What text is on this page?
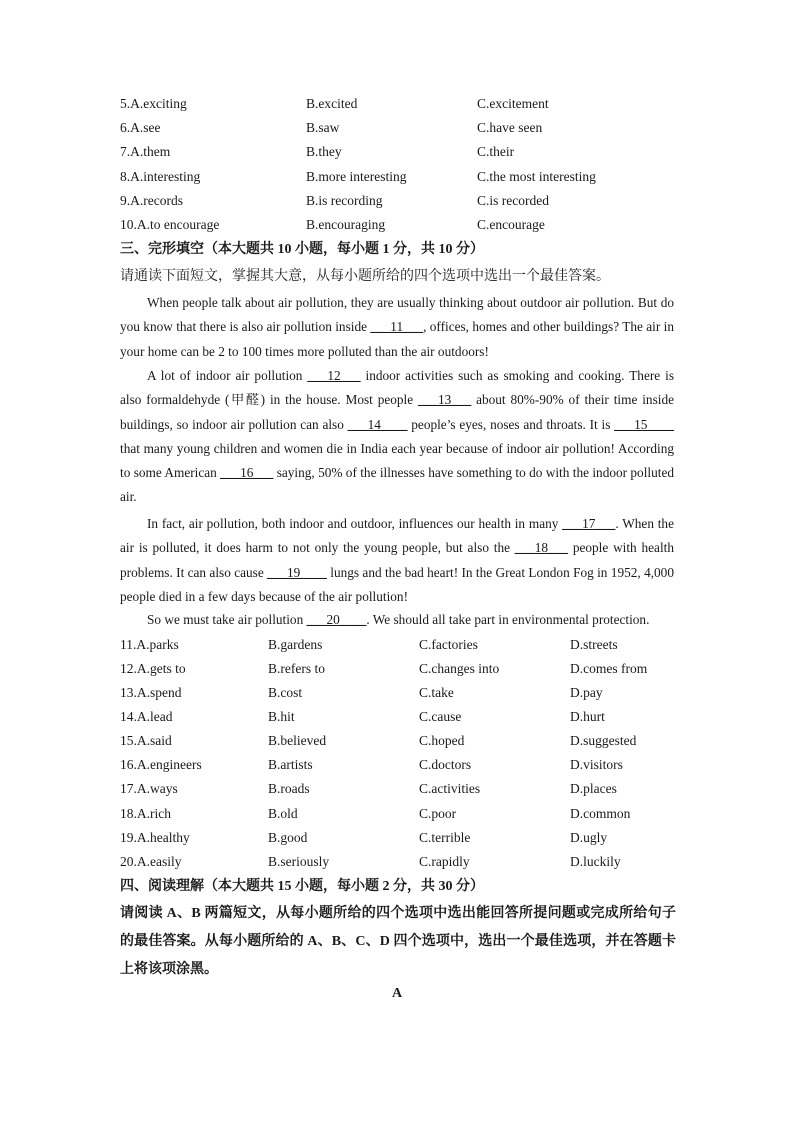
5.A.exciting	B.excited	C.excitement
6.A.see	B.saw	C.have seen
7.A.them	B.they	C.their
8.A.interesting	B.more interesting	C.the most interesting
9.A.records	B.is recording	C.is recorded
10.A.to encourage	B.encouraging	C.encourage
三、完形填空（本大题共 10 小题，每小题 1 分，共 10 分）
请通读下面短文，掌握其大意，从每小题所给的四个选项中选出一个最佳答案。
When people talk about air pollution, they are usually thinking about outdoor air pollution. But do you know that there is also air pollution inside ___11___, offices, homes and other buildings? The air in your home can be 2 to 100 times more polluted than the air outdoors!
A lot of indoor air pollution ___12___ indoor activities such as smoking and cooking. There is also formaldehyde (甲醛) in the house. Most people ___13___ about 80%-90% of their time inside buildings, so indoor air pollution can also ___14____ people’s eyes, noses and throats. It is ___15____ that many young children and women die in India each year because of indoor air pollution! According to some American ___16___ saying, 50% of the illnesses have something to do with the indoor polluted air.
In fact, air pollution, both indoor and outdoor, influences our health in many ___17___. When the air is polluted, it does harm to not only the young people, but also the ___18___ people with health problems. It can also cause ___19____ lungs and the bad heart! In the Great London Fog in 1952, 4,000 people died in a few days because of the air pollution!
So we must take air pollution ___20____. We should all take part in environmental protection.
11.A.parks	B.gardens	C.factories	D.streets
12.A.gets to	B.refers to	C.changes into	D.comes from
13.A.spend	B.cost	C.take	D.pay
14.A.lead	B.hit	C.cause	D.hurt
15.A.said	B.believed	C.hoped	D.suggested
16.A.engineers	B.artists	C.doctors	D.visitors
17.A.ways	B.roads	C.activities	D.places
18.A.rich	B.old	C.poor	D.common
19.A.healthy	B.good	C.terrible	D.ugly
20.A.easily	B.seriously	C.rapidly	D.luckily
四、阅读理解（本大题共 15 小题，每小题 2 分，共 30 分）
请阅读 A、B 两篇短文，从每小题所给的四个选项中选出能回答所提问题或完成所给句子的最佳答案。从每小题所给的 A、B、C、D 四个选项中，选出一个最佳选项，并在答题卡上将该项涂黑。
A
